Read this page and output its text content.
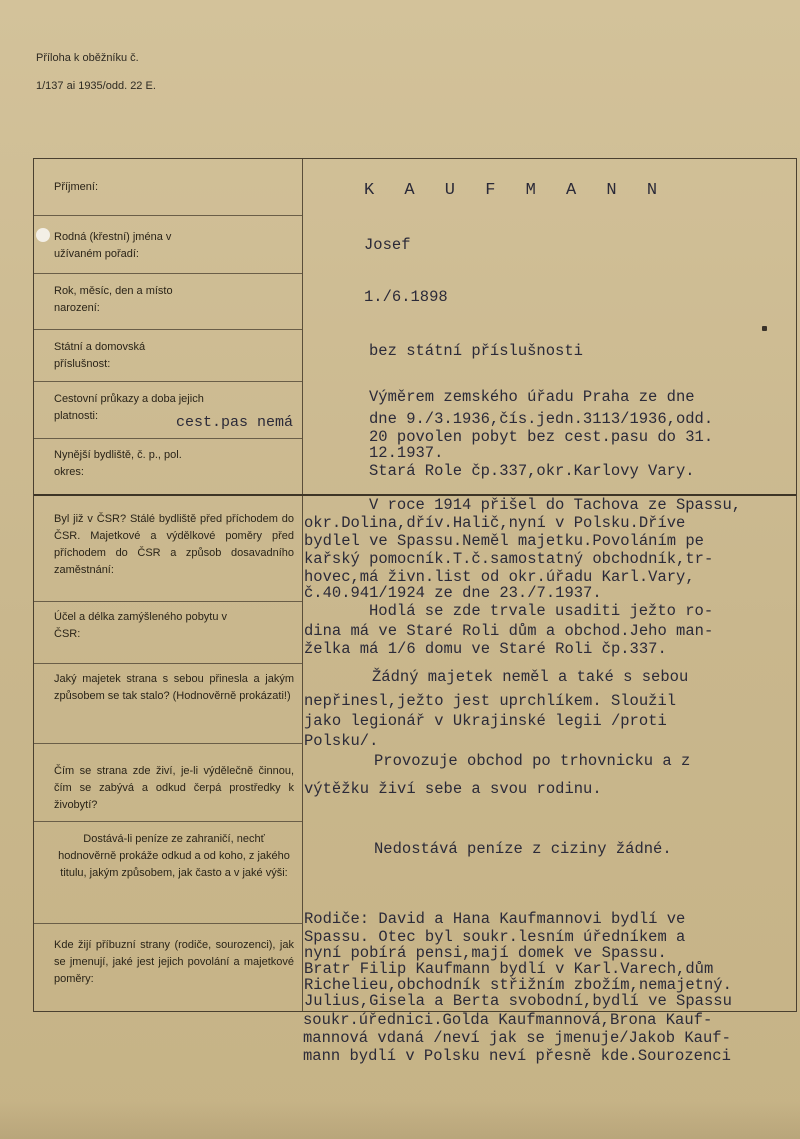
Příloha k oběžníku č.
1/137 ai 1935/odd. 22 E.
Příjmení:
Rodná (křestní) jména v užívaném pořadí:
Rok, měsíc, den a místo narození:
Státní a domovská příslušnost:
Cestovní průkazy a doba jejich platnosti:
Nynější bydliště, č. p., pol. okres:
Byl již v ČSR? Stálé bydliště před příchodem do ČSR. Majetkové a výdělkové poměry před příchodem do ČSR a způsob dosavadního zaměstnání:
Účel a délka zamýšleného pobytu v ČSR:
Jaký majetek strana s sebou přinesla a jakým způsobem se tak stalo? (Hodnověrně prokázati!)
Čím se strana zde živí, je-li výdělečně činnou, čím se zabývá a odkud čerpá prostředky k živobytí?
Dostává-li peníze ze zahraničí, nechť hodnověrně prokáže odkud a od koho, z jakého titulu, jakým způsobem, jak často a v jaké výši:
Kde žijí příbuzní strany (rodiče, sourozenci), jak se jmenují, jaké jest jejich povolání a majetkové poměry:
cest.pas nemá
K A U F M A N N
Josef
1./6.1898
bez státní příslušnosti
Výměrem zemského úřadu Praha ze dne
dne 9./3.1936,čís.jedn.3113/1936,odd.
20 povolen pobyt bez cest.pasu do 31.
12.1937.
Stará Role čp.337,okr.Karlovy Vary.
V roce 1914 přišel do Tachova ze Spassu,
okr.Dolina,dřív.Halič,nyní v Polsku.Dříve
bydlel ve Spassu.Neměl majetku.Povoláním pe
kařský pomocník.T.č.samostatný obchodník,tr-
hovec,má živn.list od okr.úřadu Karl.Vary,
č.40.941/1924 ze dne 23./7.1937.
Hodlá se zde trvale usaditi ježto ro-
dina má ve Staré Roli dům a obchod.Jeho man-
želka má 1/6 domu ve Staré Roli čp.337.
Žádný majetek neměl a také s sebou
nepřinesl,ježto jest uprchlíkem. Sloužil
jako legionář v Ukrajinské legii /proti
Polsku/.
Provozuje obchod po trhovnicku a z
výtěžku živí sebe a svou rodinu.
Nedostává peníze z ciziny žádné.
Rodiče: David a Hana Kaufmannovi bydlí ve
Spassu. Otec byl soukr.lesním úředníkem a
nyní pobírá pensi,mají domek ve Spassu.
Bratr Filip Kaufmann bydlí v Karl.Varech,dům
Richelieu,obchodník střižním zbožím,nemajetný.
Julius,Gisela a Berta svobodní,bydlí ve Spassu
soukr.úřednici.Golda Kaufmannová,Brona Kauf-
mannová vdaná /neví jak se jmenuje/Jakob Kauf-
mann bydlí v Polsku neví přesně kde.Sourozenci
